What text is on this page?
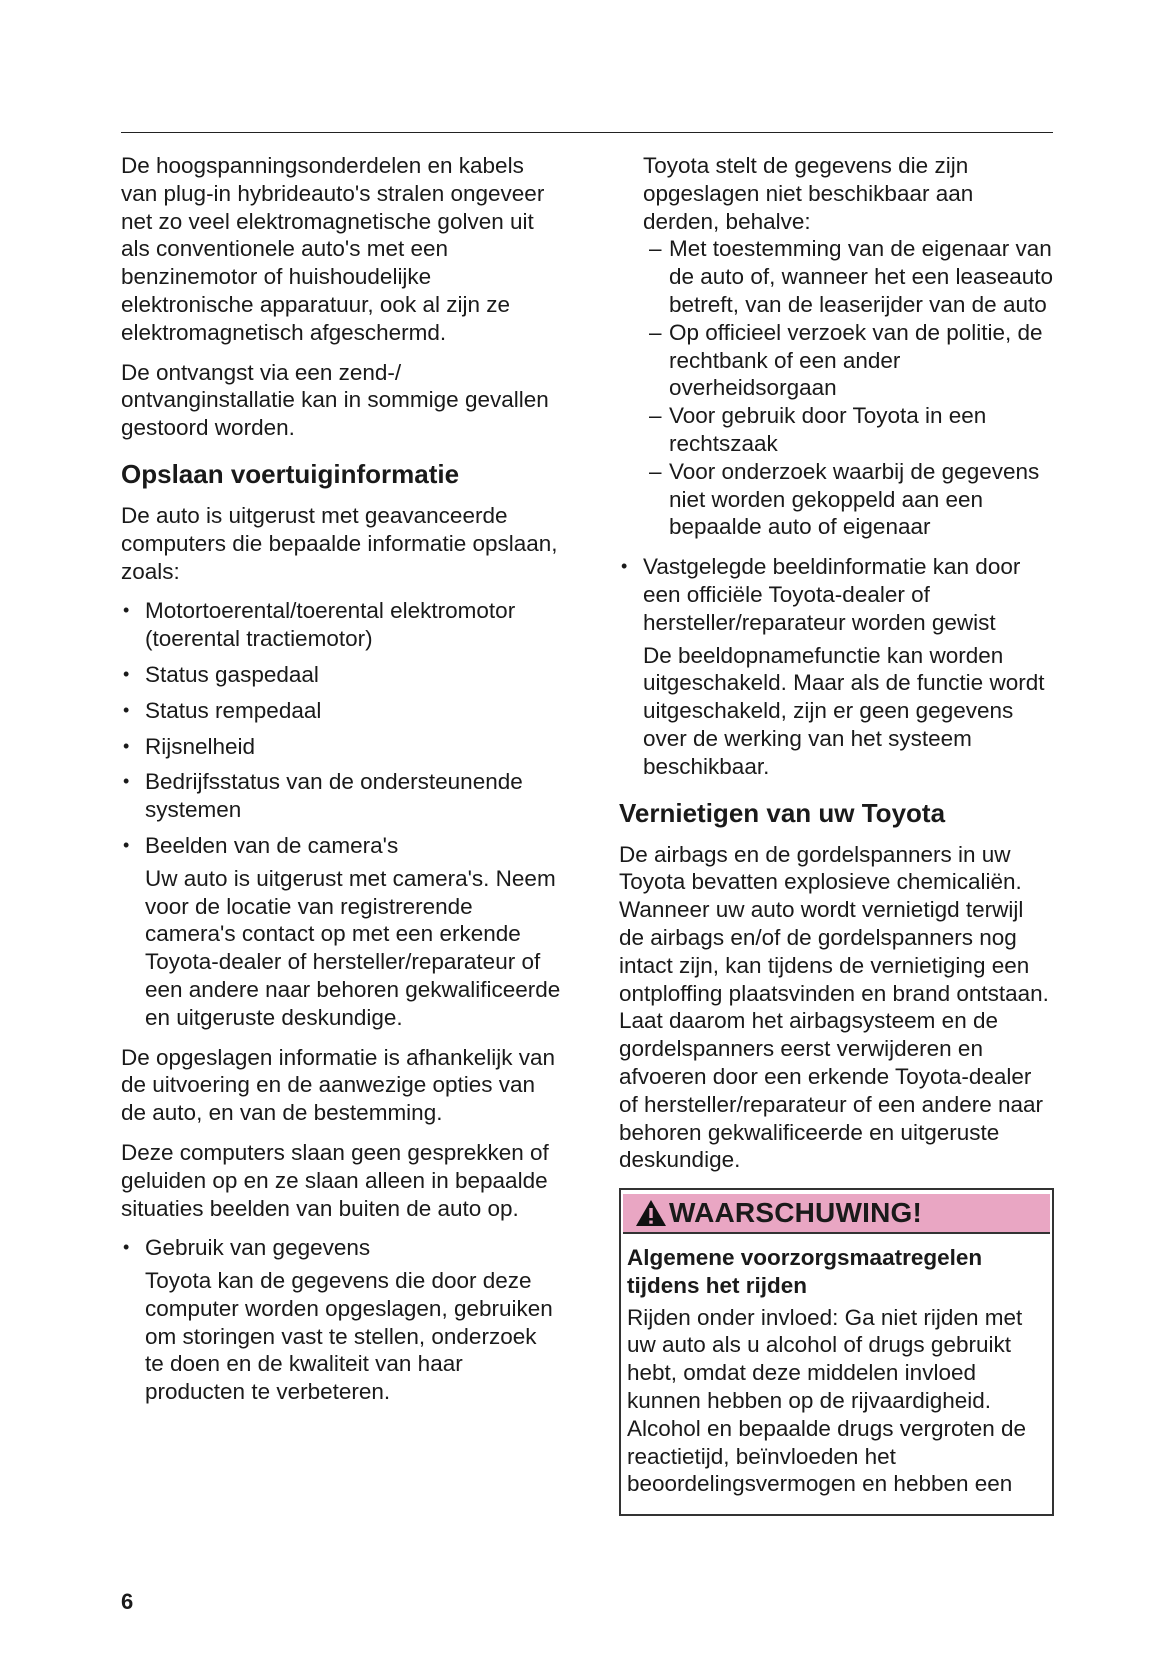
De hoogspanningsonderdelen en kabels van plug-in hybrideauto's stralen ongeveer net zo veel elektromagnetische golven uit als conventionele auto's met een benzinemotor of huishoudelijke elektronische apparatuur, ook al zijn ze elektromagnetisch afgeschermd.

De ontvangst via een zend-/ ontvanginstallatie kan in sommige gevallen gestoord worden.

Opslaan voertuiginformatie

De auto is uitgerust met geavanceerde computers die bepaalde informatie opslaan, zoals:

• Motortoerental/toerental elektromotor (toerental tractiemotor)
• Status gaspedaal
• Status rempedaal
• Rijsnelheid
• Bedrijfsstatus van de ondersteunende systemen
• Beelden van de camera's

Uw auto is uitgerust met camera's. Neem voor de locatie van registrerende camera's contact op met een erkende Toyota-dealer of hersteller/reparateur of een andere naar behoren gekwalificeerde en uitgeruste deskundige.

De opgeslagen informatie is afhankelijk van de uitvoering en de aanwezige opties van de auto, en van de bestemming.

Deze computers slaan geen gesprekken of geluiden op en ze slaan alleen in bepaalde situaties beelden van buiten de auto op.

• Gebruik van gegevens

Toyota kan de gegevens die door deze computer worden opgeslagen, gebruiken om storingen vast te stellen, onderzoek te doen en de kwaliteit van haar producten te verbeteren.

Toyota stelt de gegevens die zijn opgeslagen niet beschikbaar aan derden, behalve:

– Met toestemming van de eigenaar van de auto of, wanneer het een leaseauto betreft, van de leaserijder van de auto
– Op officieel verzoek van de politie, de rechtbank of een ander overheidsorgaan
– Voor gebruik door Toyota in een rechtszaak
– Voor onderzoek waarbij de gegevens niet worden gekoppeld aan een bepaalde auto of eigenaar
• Vastgelegde beeldinformatie kan door een officiële Toyota-dealer of hersteller/reparateur worden gewist

De beeldopnamefunctie kan worden uitgeschakeld. Maar als de functie wordt uitgeschakeld, zijn er geen gegevens over de werking van het systeem beschikbaar.

Vernietigen van uw Toyota

De airbags en de gordelspanners in uw Toyota bevatten explosieve chemicaliën. Wanneer uw auto wordt vernietigd terwijl de airbags en/of de gordelspanners nog intact zijn, kan tijdens de vernietiging een ontploffing plaatsvinden en brand ontstaan. Laat daarom het airbagsysteem en de gordelspanners eerst verwijderen en afvoeren door een erkende Toyota-dealer of hersteller/reparateur of een andere naar behoren gekwalificeerde en uitgeruste deskundige.

WAARSCHUWING!
Algemene voorzorgsmaatregelen tijdens het rijden
Rijden onder invloed: Ga niet rijden met uw auto als u alcohol of drugs gebruikt hebt, omdat deze middelen invloed kunnen hebben op de rijvaardigheid. Alcohol en bepaalde drugs vergroten de reactietijd, beïnvloeden het beoordelingsvermogen en hebben een
6
